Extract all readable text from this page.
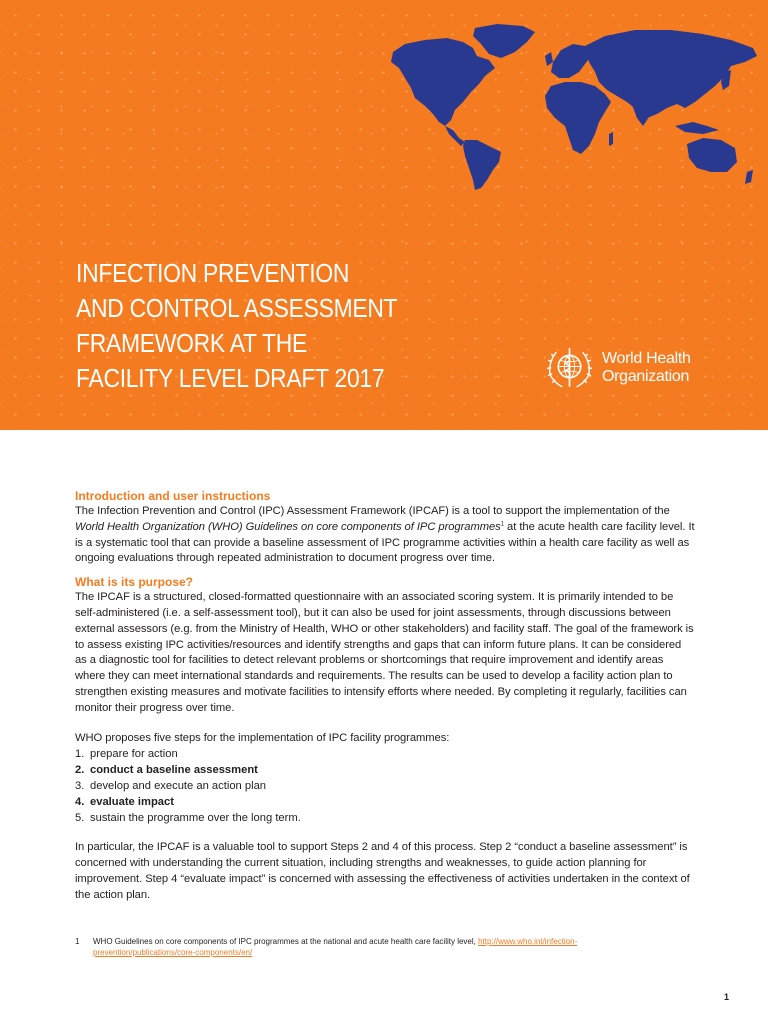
INFECTION PREVENTION
AND CONTROL ASSESSMENT
FRAMEWORK AT THE
FACILITY LEVEL DRAFT 2017
World Health
Organization
Introduction and user instructions

The Infection Prevention and Control (IPC) Assessment Framework (IPCAF) is a tool to support the implementation of the World Health Organization (WHO) Guidelines on core components of IPC programmes$^1$ at the acute health care facility level. It is a systematic tool that can provide a baseline assessment of IPC programme activities within a health care facility as well as ongoing evaluations through repeated administration to document progress over time.

What is its purpose?

The IPCAF is a structured, closed-formatted questionnaire with an associated scoring system. It is primarily intended to be self-administered (i.e. a self-assessment tool), but it can also be used for joint assessments, through discussions between external assessors (e.g. from the Ministry of Health, WHO or other stakeholders) and facility staff. The goal of the framework is to assess existing IPC activities/resources and identify strengths and gaps that can inform future plans. It can be considered as a diagnostic tool for facilities to detect relevant problems or shortcomings that require improvement and identify areas where they can meet international standards and requirements. The results can be used to develop a facility action plan to strengthen existing measures and motivate facilities to intensify efforts where needed. By completing it regularly, facilities can monitor their progress over time.

WHO proposes five steps for the implementation of IPC facility programmes:

1. prepare for action
2. conduct a baseline assessment
3. develop and execute an action plan
4. evaluate impact
5. sustain the programme over the long term.

In particular, the IPCAF is a valuable tool to support Steps 2 and 4 of this process. Step 2 “conduct a baseline assessment” is concerned with understanding the current situation, including strengths and weaknesses, to guide action planning for improvement. Step 4 “evaluate impact” is concerned with assessing the effectiveness of activities undertaken in the context of the action plan.

1	WHO Guidelines on core components of IPC programmes at the national and acute health care facility level, http://www.who.int/infection-prevention/publications/core-components/en/
1
